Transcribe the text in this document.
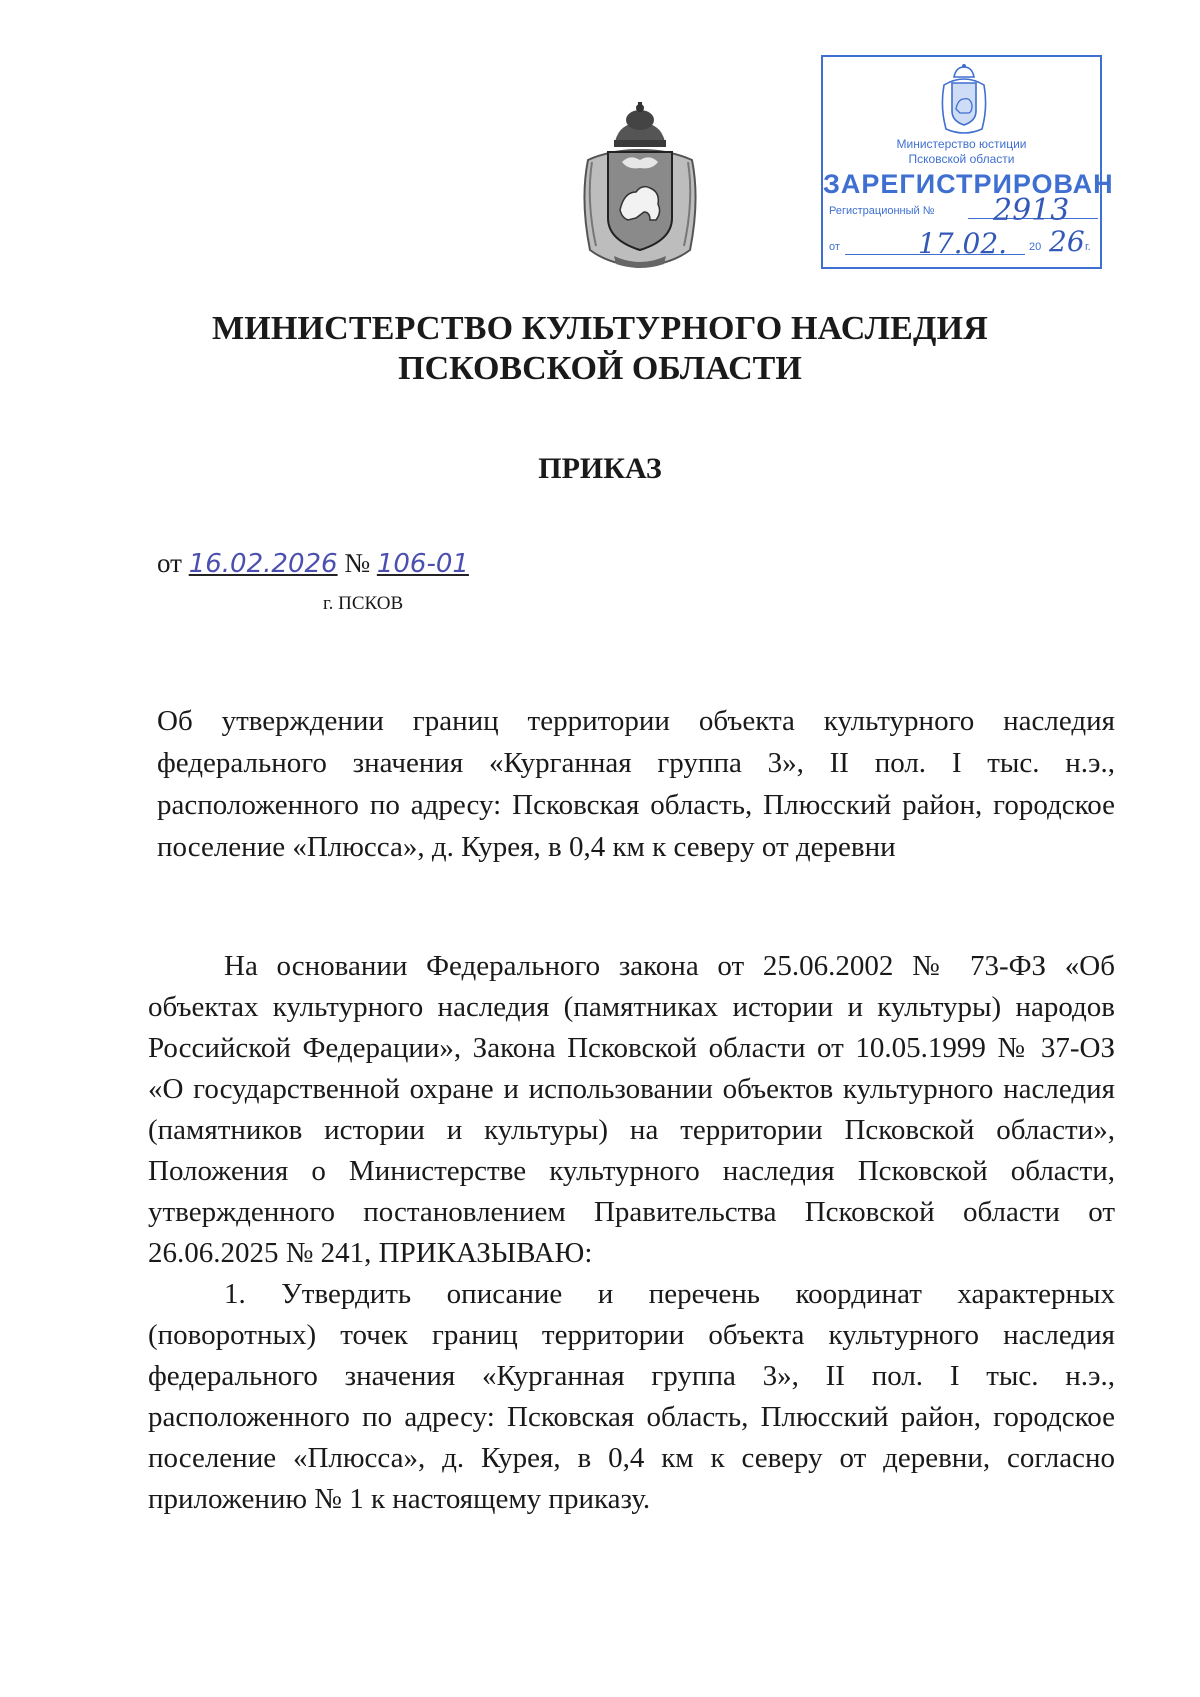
Министерство юстиции
Псковской области
ЗАРЕГИСТРИРОВАН
Регистрационный № 2913
от	17.02. 20 26 г.
МИНИСТЕРСТВО КУЛЬТУРНОГО НАСЛЕДИЯ
ПСКОВСКОЙ ОБЛАСТИ
ПРИКАЗ
от 16.02.2026 № 106-01
г. ПСКОВ
Об утверждении границ территории объекта культурного наследия федерального значения «Курганная группа 3», II пол. I тыс. н.э., расположенного по адресу: Псковская область, Плюсский район, городское поселение «Плюсса», д. Курея, в 0,4 км к северу от деревни

На основании Федерального закона от 25.06.2002 № 73-ФЗ «Об объектах культурного наследия (памятниках истории и культуры) народов Российской Федерации», Закона Псковской области от 10.05.1999 № 37-ОЗ «О государственной охране и использовании объектов культурного наследия (памятников истории и культуры) на территории Псковской области», Положения о Министерстве культурного наследия Псковской области, утвержденного постановлением Правительства Псковской области от 26.06.2025 № 241, ПРИКАЗЫВАЮ:

1. Утвердить описание и перечень координат характерных (поворотных) точек границ территории объекта культурного наследия федерального значения «Курганная группа 3», II пол. I тыс. н.э., расположенного по адресу: Псковская область, Плюсский район, городское поселение «Плюсса», д. Курея, в 0,4 км к северу от деревни, согласно приложению № 1 к настоящему приказу.
